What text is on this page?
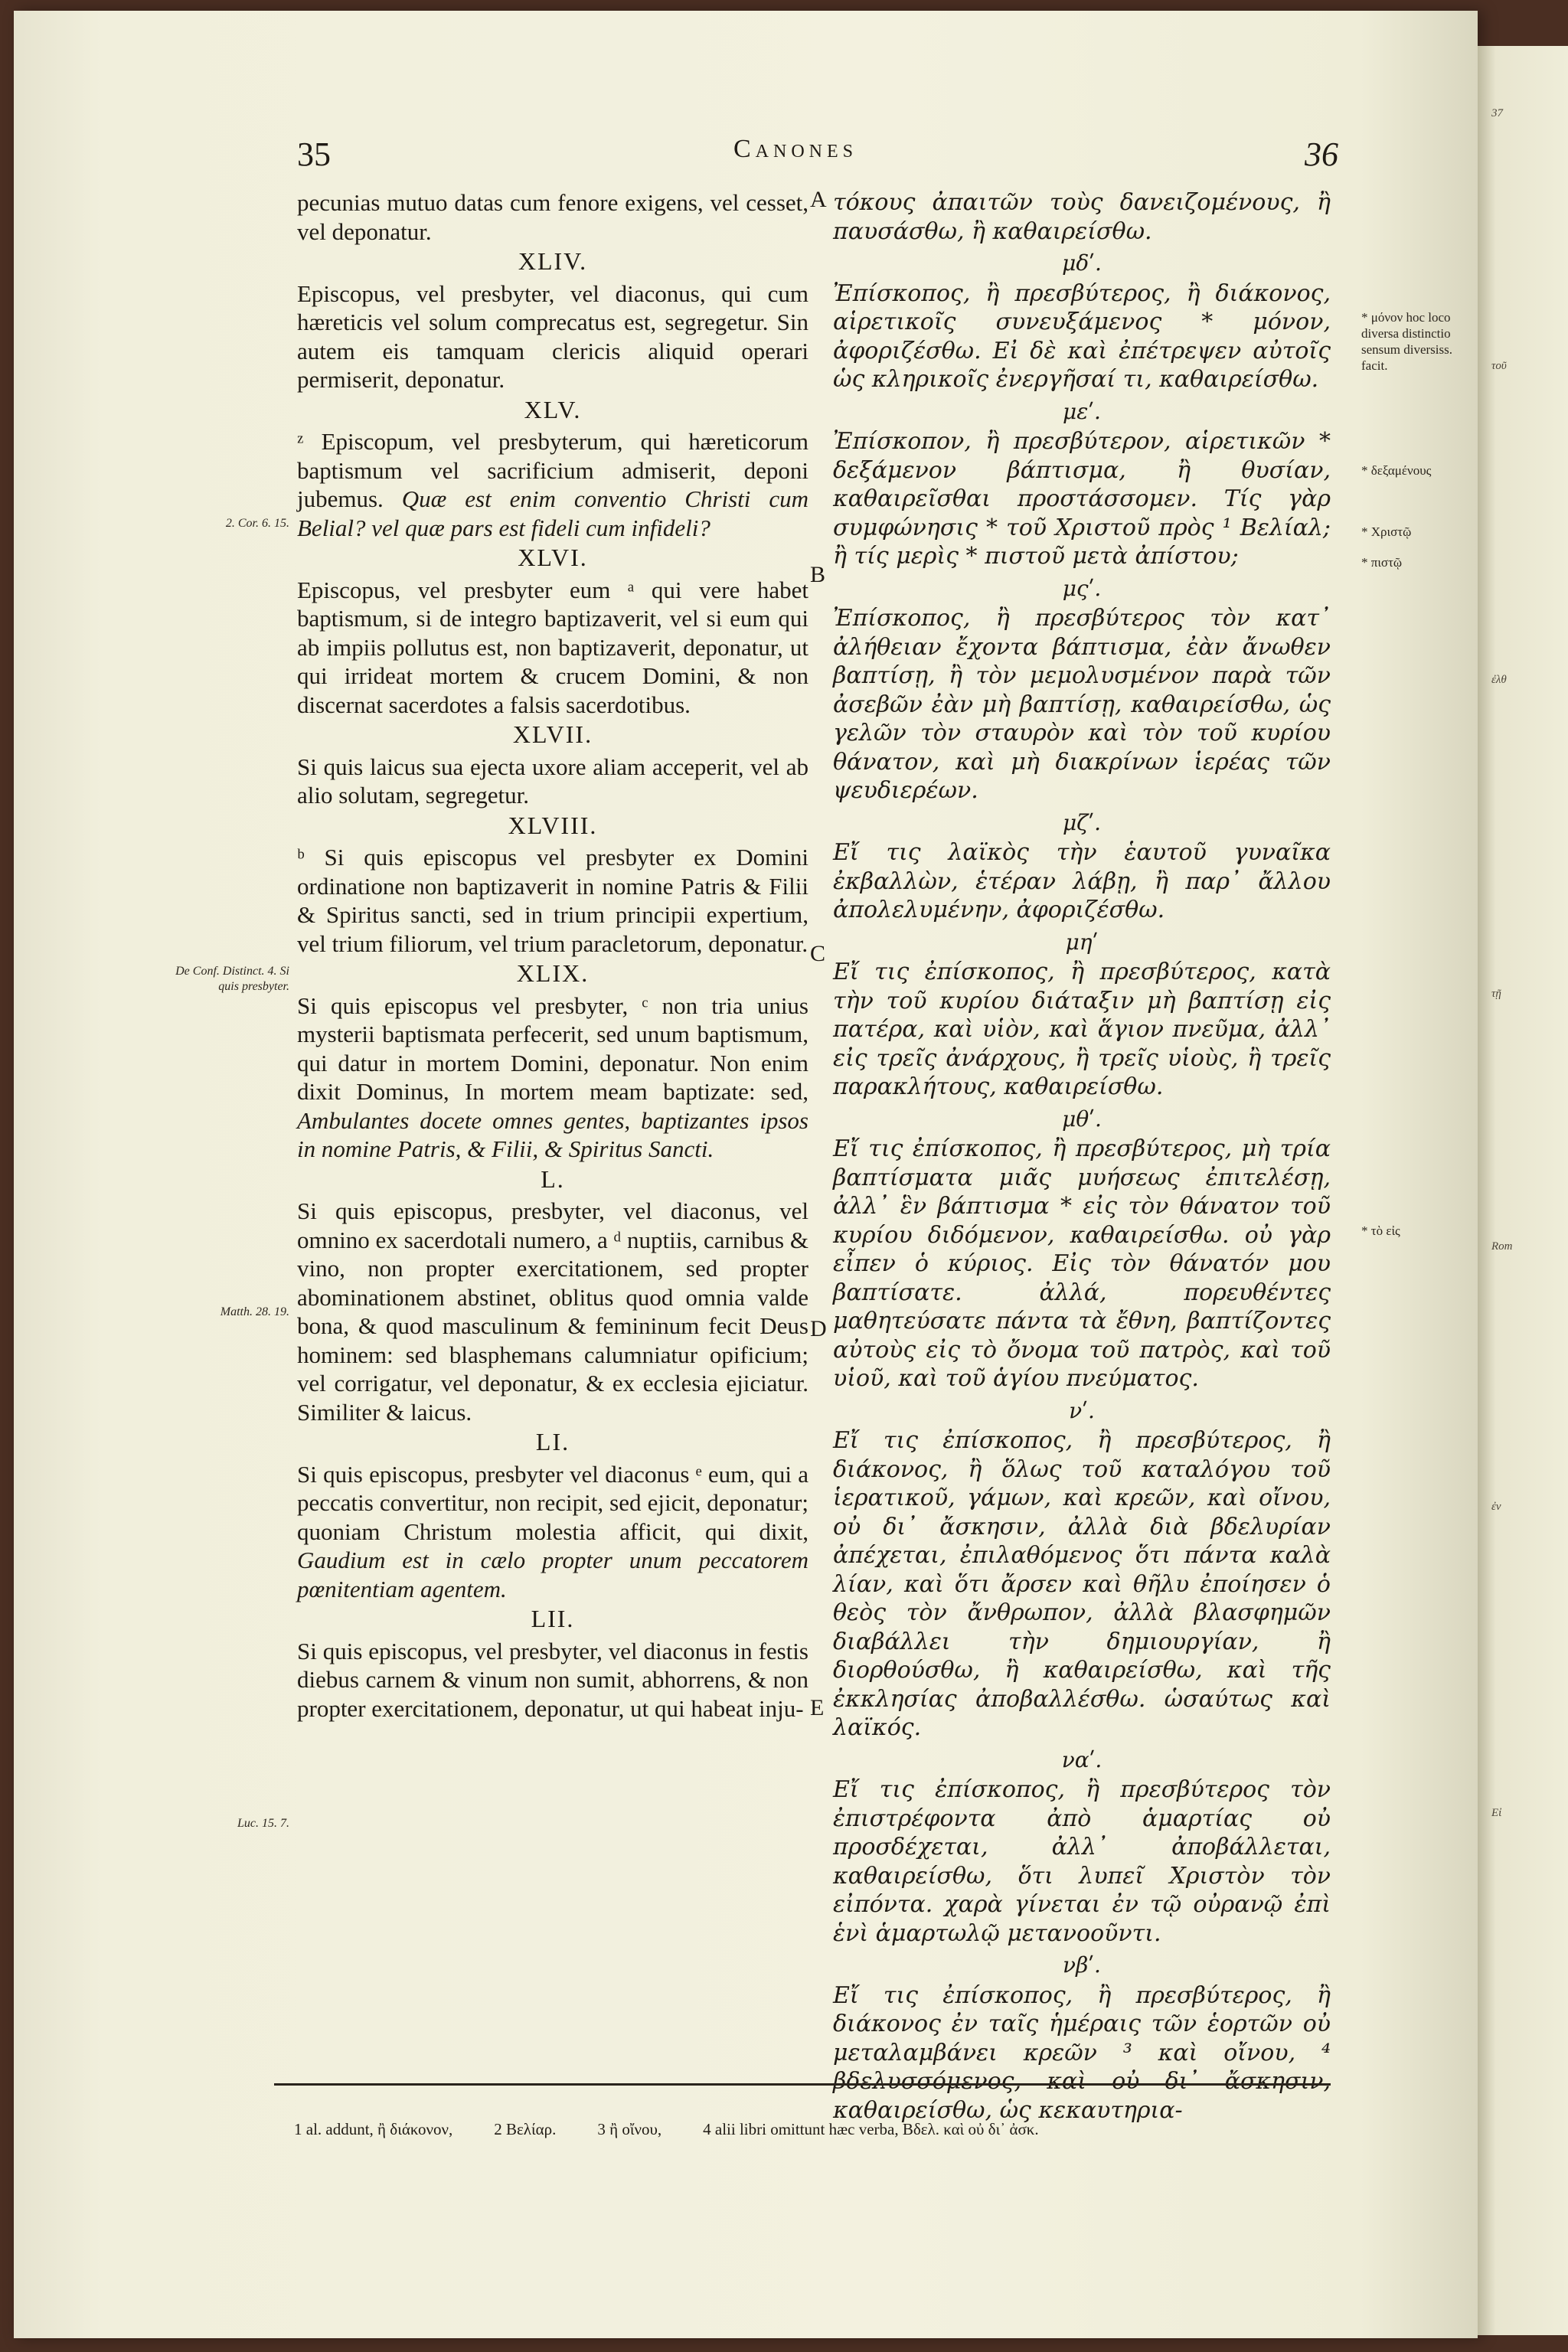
35	Canones	36

pecunias mutuo datas cum fenore exigens, vel cesset, vel deponatur.

XLIV.

Episcopus, vel presbyter, vel diaconus, qui cum hæreticis vel solum comprecatus est, segregetur. Sin autem eis tamquam clericis aliquid operari permiserit, deponatur.

XLV.

ᶻ Episcopum, vel presbyterum, qui hæreticorum baptismum vel sacrificium admiserit, deponi jubemus. Quæ est enim conventio Christi cum Belial? vel quæ pars est fideli cum infideli?

XLVI.

Episcopus, vel presbyter eum ᵃ qui vere habet baptismum, si de integro baptizaverit, vel si eum qui ab impiis pollutus est, non baptizaverit, deponatur, ut qui irrideat mortem & crucem Domini, & non discernat sacerdotes a falsis sacerdotibus.

XLVII.

Si quis laicus sua ejecta uxore aliam acceperit, vel ab alio solutam, segregetur.

XLVIII.

ᵇ Si quis episcopus vel presbyter ex Domini ordinatione non baptizaverit in nomine Patris & Filii & Spiritus sancti, sed in trium principii expertium, vel trium filiorum, vel trium paracletorum, deponatur.

XLIX.

Si quis episcopus vel presbyter, ᶜ non tria unius mysterii baptismata perfecerit, sed unum baptismum, qui datur in mortem Domini, deponatur. Non enim dixit Dominus, In mortem meam baptizate: sed, Ambulantes docete omnes gentes, baptizantes ipsos in nomine Patris, & Filii, & Spiritus Sancti.

L.

Si quis episcopus, presbyter, vel diaconus, vel omnino ex sacerdotali numero, a ᵈ nuptiis, carnibus & vino, non propter exercitationem, sed propter abominationem abstinet, oblitus quod omnia valde bona, & quod masculinum & femininum fecit Deus hominem: sed blasphemans calumniatur opificium; vel corrigatur, vel deponatur, & ex ecclesia ejiciatur. Similiter & laicus.

LI.

Si quis episcopus, presbyter vel diaconus ᵉ eum, qui a peccatis convertitur, non recipit, sed ejicit, deponatur; quoniam Christum molestia afficit, qui dixit, Gaudium est in cælo propter unum peccatorem pœnitentiam agentem.

LII.

Si quis episcopus, vel presbyter, vel diaconus in festis diebus carnem & vinum non sumit, abhorrens, & non propter exercitationem, deponatur, ut qui habeat inju-

τόκους ἀπαιτῶν τοὺς δανειζομένους, ἢ παυσάσθω, ἢ καθαιρείσθω.

μδʹ.

Ἐπίσκοπος, ἢ πρεσβύτερος, ἢ διάκονος, αἱρετικοῖς συνευξάμενος * μόνον, ἀφοριζέσθω. Εἰ δὲ καὶ ἐπέτρεψεν αὐτοῖς ὡς κληρικοῖς ἐνεργῆσαί τι, καθαιρείσθω.

μεʹ.

Ἐπίσκοπον, ἢ πρεσβύτερον, αἱρετικῶν * δεξάμενον βάπτισμα, ἢ θυσίαν, καθαιρεῖσθαι προστάσσομεν. Τίς γὰρ συμφώνησις * τοῦ Χριστοῦ πρὸς ¹ Βελίαλ; ἢ τίς μερὶς * πιστοῦ μετὰ ἀπίστου;

μςʹ.

Ἐπίσκοπος, ἢ πρεσβύτερος τὸν κατ᾽ ἀλήθειαν ἔχοντα βάπτισμα, ἐὰν ἄνωθεν βαπτίσῃ, ἢ τὸν μεμολυσμένον παρὰ τῶν ἀσεβῶν ἐὰν μὴ βαπτίσῃ, καθαιρείσθω, ὡς γελῶν τὸν σταυρὸν καὶ τὸν τοῦ κυρίου θάνατον, καὶ μὴ διακρίνων ἱερέας τῶν ψευδιερέων.

μζʹ.

Εἴ τις λαϊκὸς τὴν ἑαυτοῦ γυναῖκα ἐκβαλλὼν, ἑτέραν λάβῃ, ἢ παρ᾽ ἄλλου ἀπολελυμένην, ἀφοριζέσθω.

μηʹ

Εἴ τις ἐπίσκοπος, ἢ πρεσβύτερος, κατὰ τὴν τοῦ κυρίου διάταξιν μὴ βαπτίσῃ εἰς πατέρα, καὶ υἱὸν, καὶ ἅγιον πνεῦμα, ἀλλ᾽ εἰς τρεῖς ἀνάρχους, ἢ τρεῖς υἱοὺς, ἢ τρεῖς παρακλήτους, καθαιρείσθω.

μθʹ.

Εἴ τις ἐπίσκοπος, ἢ πρεσβύτερος, μὴ τρία βαπτίσματα μιᾶς μυήσεως ἐπιτελέσῃ, ἀλλ᾽ ἓν βάπτισμα * εἰς τὸν θάνατον τοῦ κυρίου διδόμενον, καθαιρείσθω. οὐ γὰρ εἶπεν ὁ κύριος. Εἰς τὸν θάνατόν μου βαπτίσατε. ἀλλά, πορευθέντες μαθητεύσατε πάντα τὰ ἔθνη, βαπτίζοντες αὐτοὺς εἰς τὸ ὄνομα τοῦ πατρὸς, καὶ τοῦ υἱοῦ, καὶ τοῦ ἁγίου πνεύματος.

νʹ.

Εἴ τις ἐπίσκοπος, ἢ πρεσβύτερος, ἢ διάκονος, ἢ ὅλως τοῦ καταλόγου τοῦ ἱερατικοῦ, γάμων, καὶ κρεῶν, καὶ οἴνου, οὐ δι᾽ ἄσκησιν, ἀλλὰ διὰ βδελυρίαν ἀπέχεται, ἐπιλαθόμενος ὅτι πάντα καλὰ λίαν, καὶ ὅτι ἄρσεν καὶ θῆλυ ἐποίησεν ὁ θεὸς τὸν ἄνθρωπον, ἀλλὰ βλασφημῶν διαβάλλει τὴν δημιουργίαν, ἢ διορθούσθω, ἢ καθαιρείσθω, καὶ τῆς ἐκκλησίας ἀποβαλλέσθω. ὡσαύτως καὶ λαϊκός.

ναʹ.

Εἴ τις ἐπίσκοπος, ἢ πρεσβύτερος τὸν ἐπιστρέφοντα ἀπὸ ἁμαρτίας οὐ προσδέχεται, ἀλλ᾽ ἀποβάλλεται, καθαιρείσθω, ὅτι λυπεῖ Χριστὸν τὸν εἰπόντα. χαρὰ γίνεται ἐν τῷ οὐρανῷ ἐπὶ ἑνὶ ἁμαρτωλῷ μετανοοῦντι.

νβʹ.

Εἴ τις ἐπίσκοπος, ἢ πρεσβύτερος, ἢ διάκονος ἐν ταῖς ἡμέραις τῶν ἑορτῶν οὐ μεταλαμβάνει κρεῶν ³ καὶ οἴνου, ⁴ βδελυσσόμενος, καὶ οὐ δι᾽ ἄσκησιν, καθαιρείσθω, ὡς κεκαυτηρια-

A
B
C
D
E
2. Cor. 6. 15.
De Conf. Distinct. 4. Si quis presbyter.
Matth. 28. 19.
Luc. 15. 7.
* μόνον hoc loco diversa distinctio sensum diversiss. facit.
* δεξαμένους
* Χριστῷ
* πιστῷ
* τὸ εἰς
1 al. addunt, ἢ διάκονον,	2 Βελίαρ.	3 ἢ οἴνου,	4 alii libri omittunt hæc verba, Βδελ. καὶ οὐ δι᾽ ἀσκ.
37
τοῦ
ἐλθ
τῇ
Rom
ἐν
Εἰ
